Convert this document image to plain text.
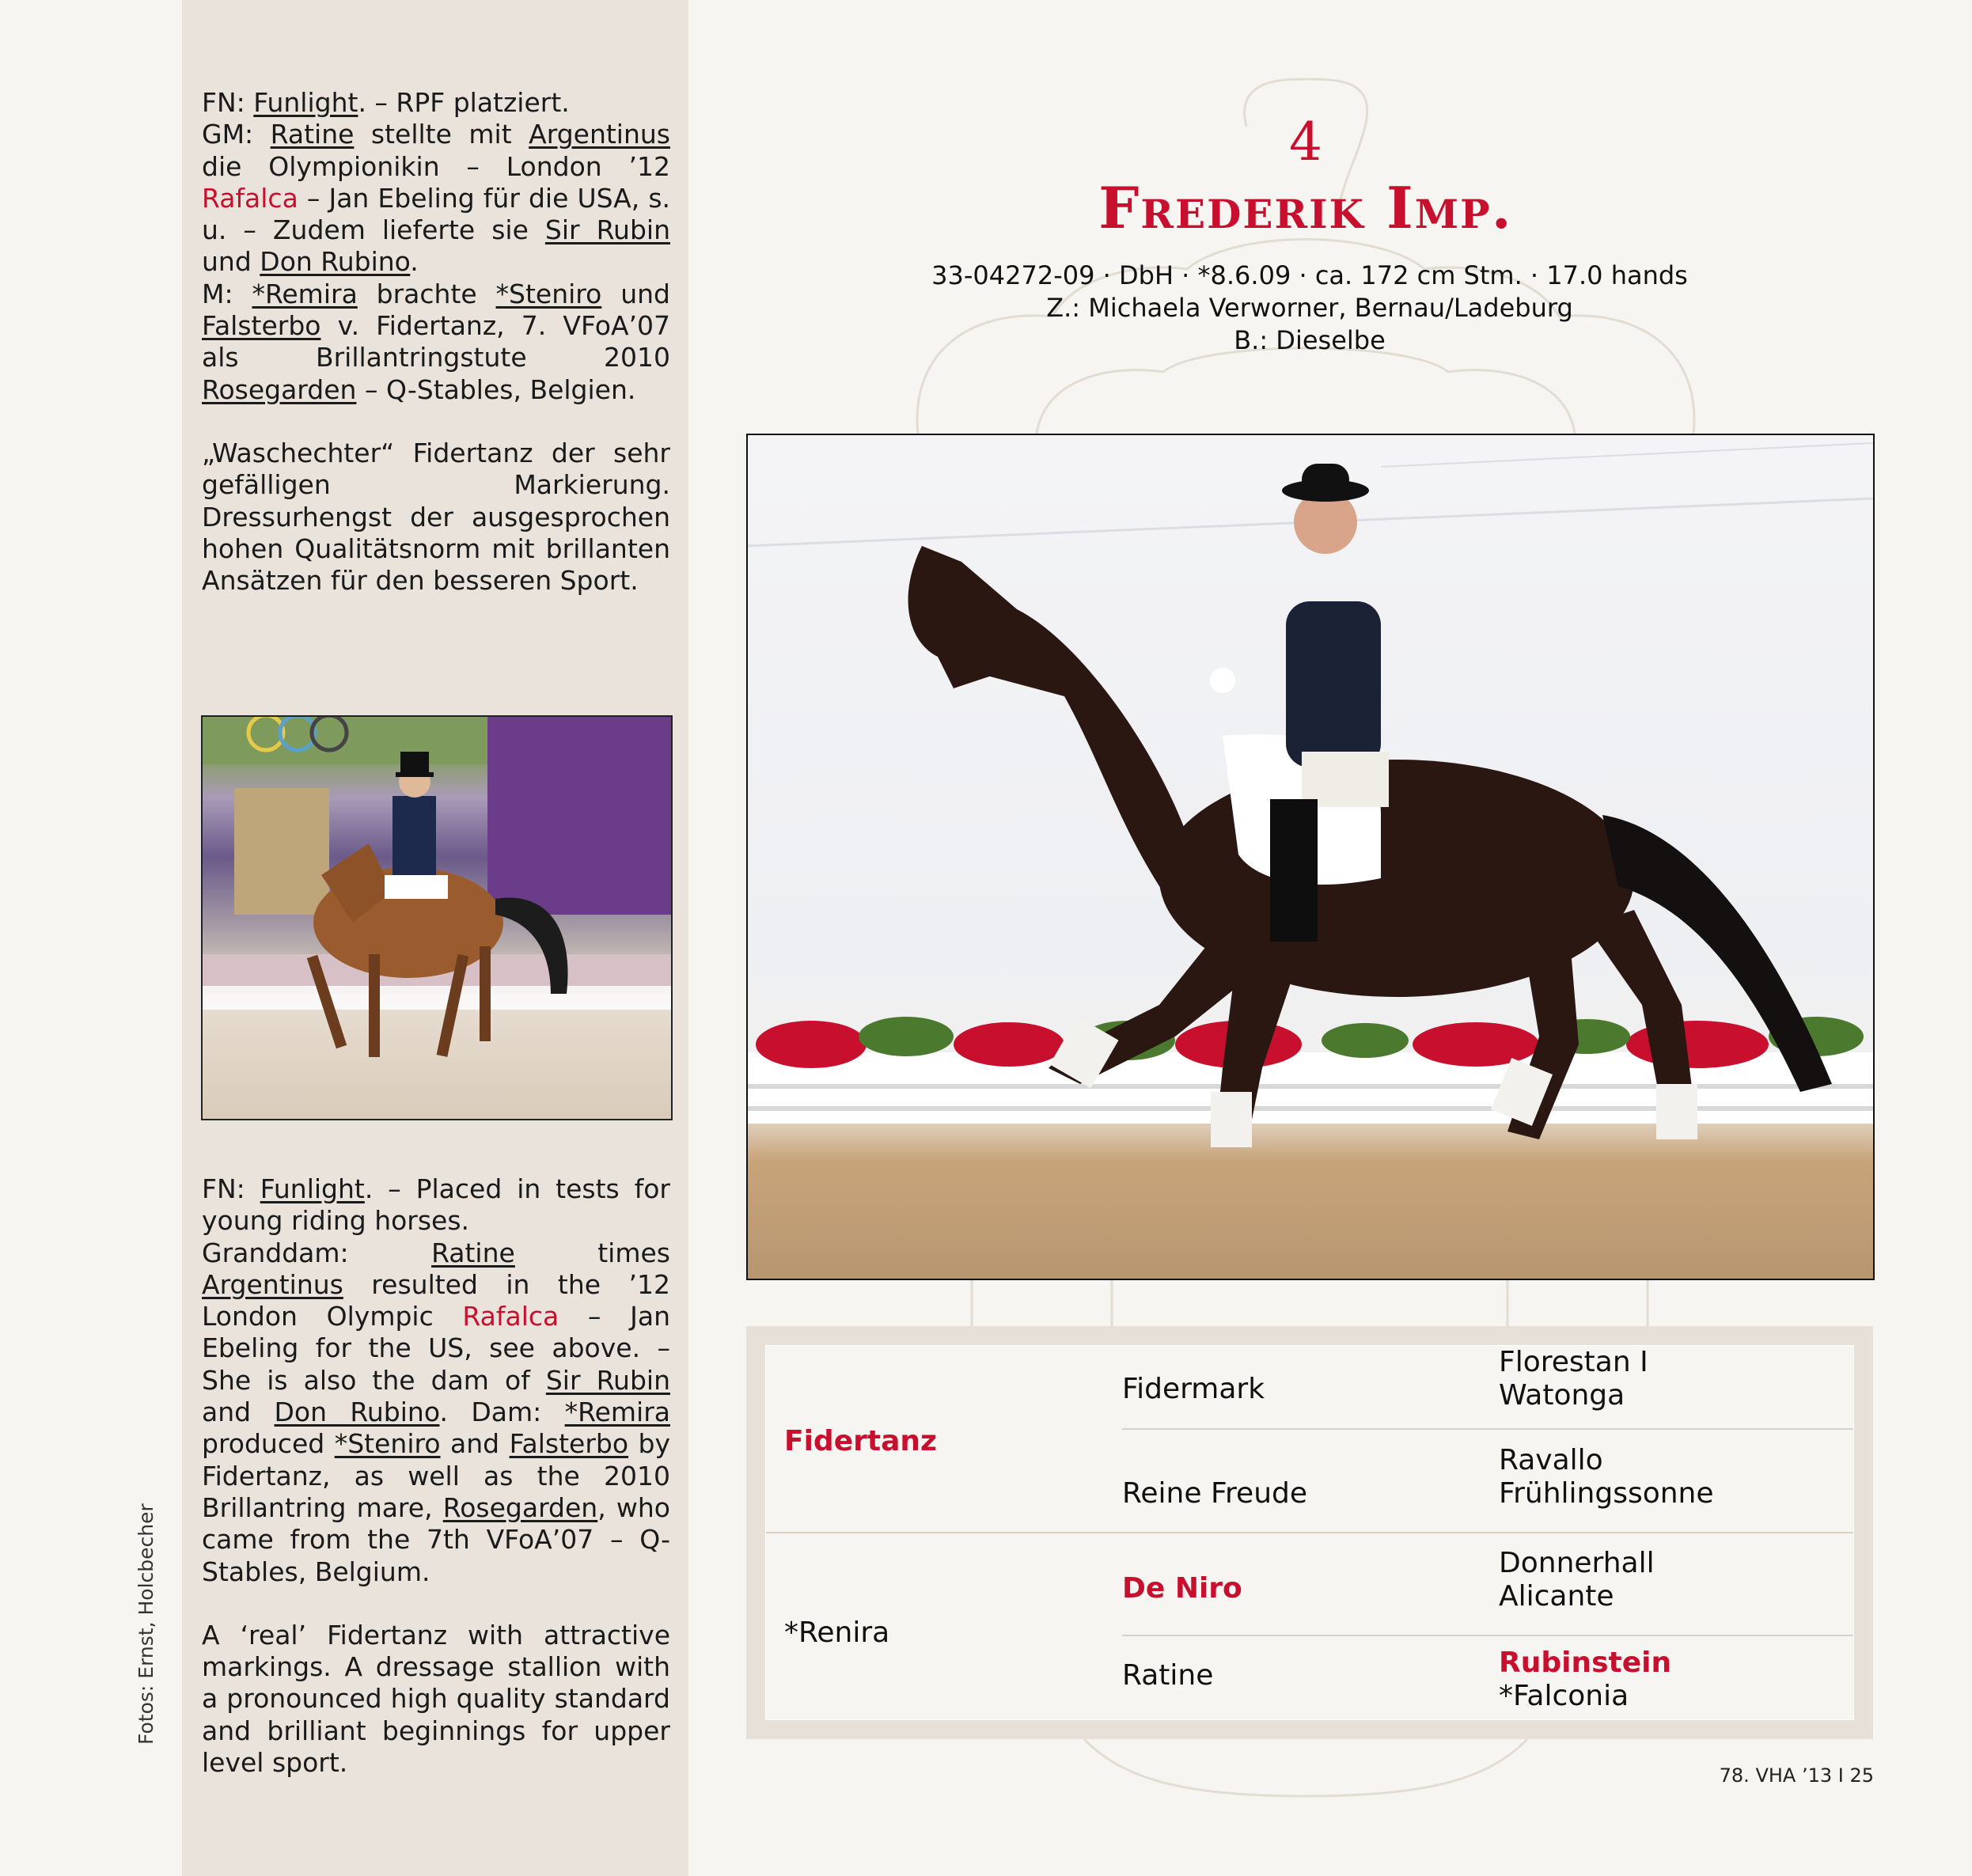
Fotos: Ernst, Holcbecher

FN: Funlight. – RPF platziert.

GM: Ratine stellte mit Argentinus die Olympionikin – London ’12 Rafalca – Jan Ebeling für die USA, s. u. – Zudem lieferte sie Sir Rubin und Don Rubino.

M: *Remira brachte *Steniro und Falsterbo v. Fidertanz, 7. VFoA’07 als Brillantringstute 2010 Rosegarden – Q-Stables, Belgien.

„Waschechter“ Fidertanz der sehr gefälligen Markierung. Dressurhengst der ausgesprochen hohen Qualitätsnorm mit brillanten Ansätzen für den besseren Sport.

FN: Funlight. – Placed in tests for young riding horses.

Granddam: Ratine times Argentinus resulted in the ’12 London Olympic Rafalca – Jan Ebeling for the US, see above. – She is also the dam of Sir Rubin and Don Rubino. Dam: *Remira produced *Steniro and Falsterbo by Fidertanz, as well as the 2010 Brillantring mare, Rosegarden, who came from the 7th VFoA’07 – Q-Stables, Belgium.

A ‘real’ Fidertanz with attractive markings. A dressage stallion with a pronounced high quality standard and brilliant beginnings for upper level sport.

4
Frederik Imp.
33-04272-09 · DbH · *8.6.09 · ca. 172 cm Stm. · 17.0 hands
Z.: Michaela Verworner, Bernau/Ladeburg
B.: Dieselbe
Fidertanz
*Renira
Fidermark
Reine Freude
De Niro
Ratine
Florestan I
Watonga
Ravallo
Frühlingssonne
Donnerhall
Alicante
Rubinstein
*Falconia
78. VHA ’13 I 25
